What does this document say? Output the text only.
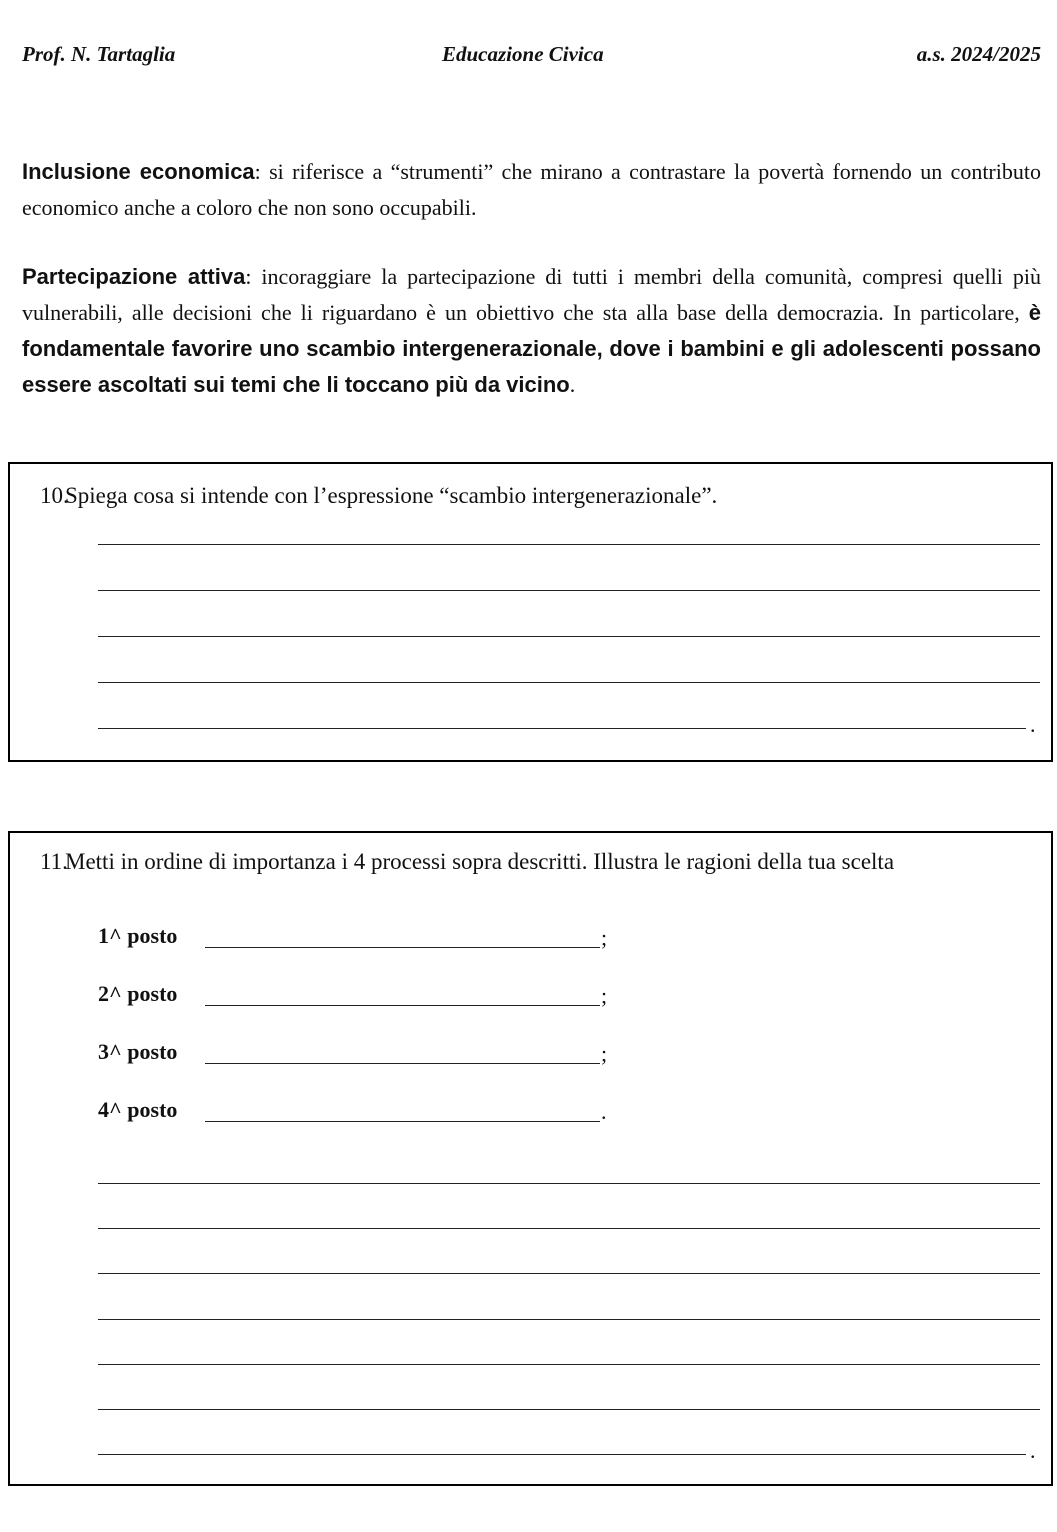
Prof. N. Tartaglia	Educazione Civica	a.s. 2024/2025

Inclusione economica: si riferisce a “strumenti” che mirano a contrastare la povertà fornendo un contributo economico anche a coloro che non sono occupabili.

Partecipazione attiva: incoraggiare la partecipazione di tutti i membri della comunità, compresi quelli più vulnerabili, alle decisioni che li riguardano è un obiettivo che sta alla base della democrazia. In particolare, è fondamentale favorire uno scambio intergenerazionale, dove i bambini e gli adolescenti possano essere ascoltati sui temi che li toccano più da vicino.

10.
Spiega cosa si intende con l’espressione “scambio intergenerazionale”.

.

11.
Metti in ordine di importanza i 4 processi sopra descritti. Illustra le ragioni della tua scelta

1^ posto	;
2^ posto	;
3^ posto	;
4^ posto	.
.
